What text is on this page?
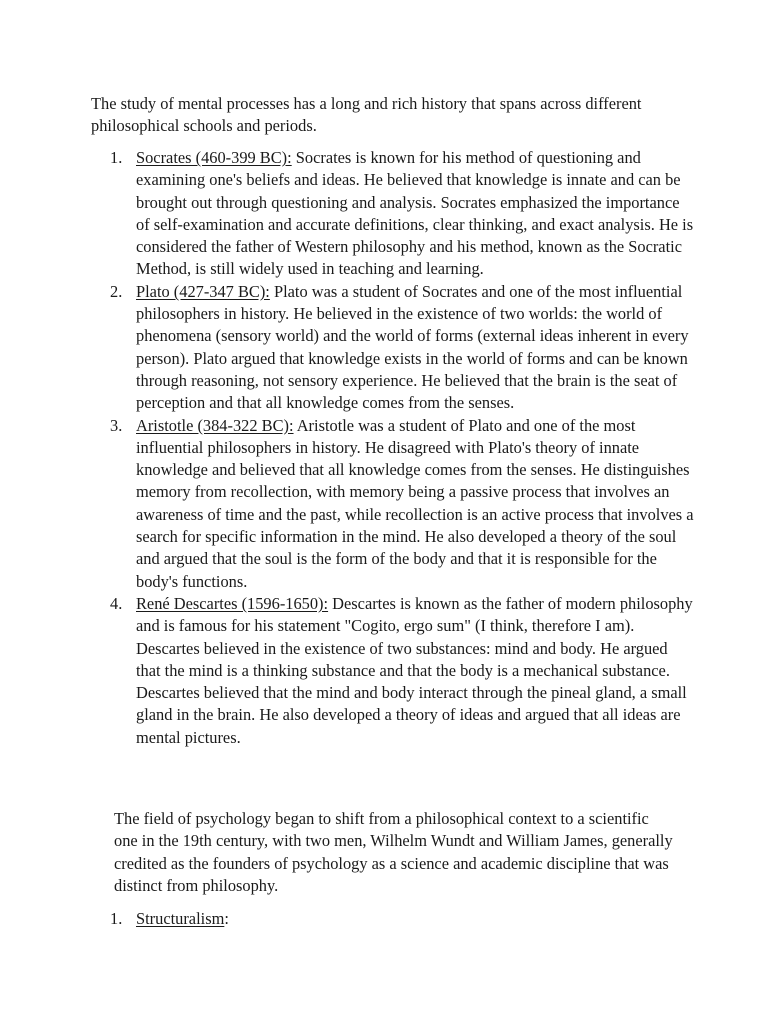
The study of mental processes has a long and rich history that spans across different philosophical schools and periods.

1. Socrates (460-399 BC): Socrates is known for his method of questioning and examining one's beliefs and ideas. He believed that knowledge is innate and can be brought out through questioning and analysis. Socrates emphasized the importance of self-examination and accurate definitions, clear thinking, and exact analysis. He is considered the father of Western philosophy and his method, known as the Socratic Method, is still widely used in teaching and learning.
2. Plato (427-347 BC): Plato was a student of Socrates and one of the most influential philosophers in history. He believed in the existence of two worlds: the world of phenomena (sensory world) and the world of forms (external ideas inherent in every person). Plato argued that knowledge exists in the world of forms and can be known through reasoning, not sensory experience. He believed that the brain is the seat of perception and that all knowledge comes from the senses.
3. Aristotle (384-322 BC): Aristotle was a student of Plato and one of the most influential philosophers in history. He disagreed with Plato's theory of innate knowledge and believed that all knowledge comes from the senses. He distinguishes memory from recollection, with memory being a passive process that involves an awareness of time and the past, while recollection is an active process that involves a search for specific information in the mind. He also developed a theory of the soul and argued that the soul is the form of the body and that it is responsible for the body's functions.
4. René Descartes (1596-1650): Descartes is known as the father of modern philosophy and is famous for his statement "Cogito, ergo sum" (I think, therefore I am). Descartes believed in the existence of two substances: mind and body. He argued that the mind is a thinking substance and that the body is a mechanical substance. Descartes believed that the mind and body interact through the pineal gland, a small gland in the brain. He also developed a theory of ideas and argued that all ideas are mental pictures.

The field of psychology began to shift from a philosophical context to a scientific one in the 19th century, with two men, Wilhelm Wundt and William James, generally credited as the founders of psychology as a science and academic discipline that was distinct from philosophy.

1. Structuralism:
